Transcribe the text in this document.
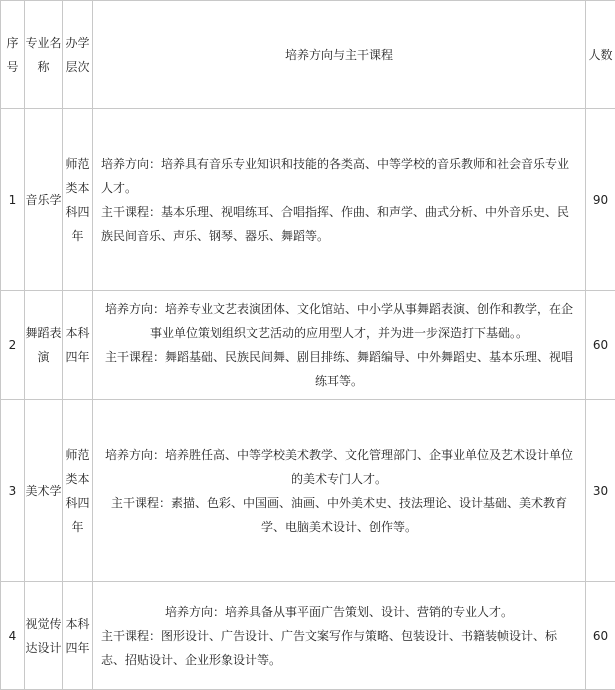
序号	专业名称	办学层次	培养方向与主干课程	人数
1	音乐学	师范类本科四年	培养方向：培养具有音乐专业知识和技能的各类高、中等学校的音乐教师和社会音乐专业人才。

主干课程：基本乐理、视唱练耳、合唱指挥、作曲、和声学、曲式分析、中外音乐史、民族民间音乐、声乐、钢琴、器乐、舞蹈等。	90
2	舞蹈表演	本科四年	培养方向：培养专业文艺表演团体、文化馆站、中小学从事舞蹈表演、创作和教学，在企事业单位策划组织文艺活动的应用型人才，并为进一步深造打下基础。。

主干课程：舞蹈基础、民族民间舞、剧目排练、舞蹈编导、中外舞蹈史、基本乐理、视唱练耳等。	60
3	美术学	师范类本科四年	培养方向：培养胜任高、中等学校美术教学、文化管理部门、企事业单位及艺术设计单位的美术专门人才。

主干课程：素描、色彩、中国画、油画、中外美术史、技法理论、设计基础、美术教育学、电脑美术设计、创作等。	30
4	视觉传达设计	本科四年	培养方向：培养具备从事平面广告策划、设计、营销的专业人才。

主干课程：图形设计、广告设计、广告文案写作与策略、包装设计、书籍装帧设计、标志、招贴设计、企业形象设计等。	60
